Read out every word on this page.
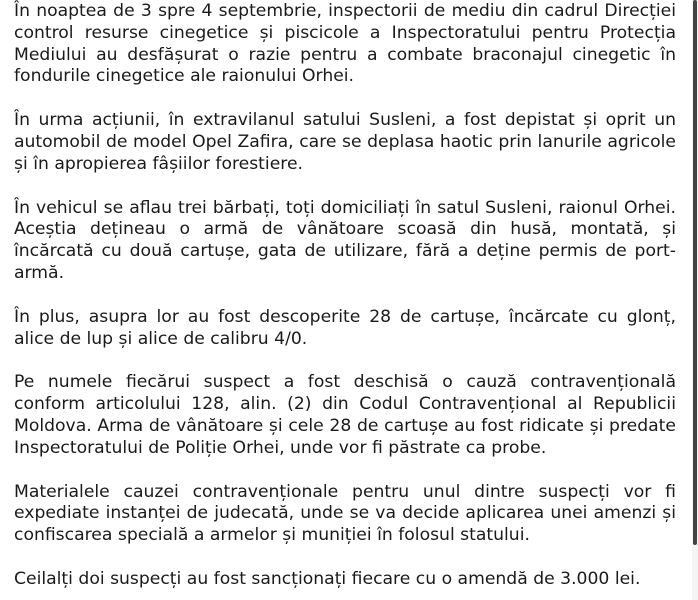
În noaptea de 3 spre 4 septembrie, inspectorii de mediu din cadrul Direcției control resurse cinegetice și piscicole a Inspectoratului pentru Protecția Mediului au desfășurat o razie pentru a combate braconajul cinegetic în fondurile cinegetice ale raionului Orhei.

În urma acțiunii, în extravilanul satului Susleni, a fost depistat și oprit un automobil de model Opel Zafira, care se deplasa haotic prin lanurile agricole și în apropierea fâșiilor forestiere.

În vehicul se aflau trei bărbați, toți domiciliați în satul Susleni, raionul Orhei. Aceștia dețineau o armă de vânătoare scoasă din husă, montată, și încărcată cu două cartușe, gata de utilizare, fără a deține permis de port-armă.

În plus, asupra lor au fost descoperite 28 de cartușe, încărcate cu glonț, alice de lup și alice de calibru 4/0.

Pe numele fiecărui suspect a fost deschisă o cauză contravențională conform articolului 128, alin. (2) din Codul Contravențional al Republicii Moldova. Arma de vânătoare și cele 28 de cartușe au fost ridicate și predate Inspectoratului de Poliție Orhei, unde vor fi păstrate ca probe.

Materialele cauzei contravenționale pentru unul dintre suspecți vor fi expediate instanței de judecată, unde se va decide aplicarea unei amenzi și confiscarea specială a armelor și muniției în folosul statului.

Ceilalți doi suspecți au fost sancționați fiecare cu o amendă de 3.000 lei.
